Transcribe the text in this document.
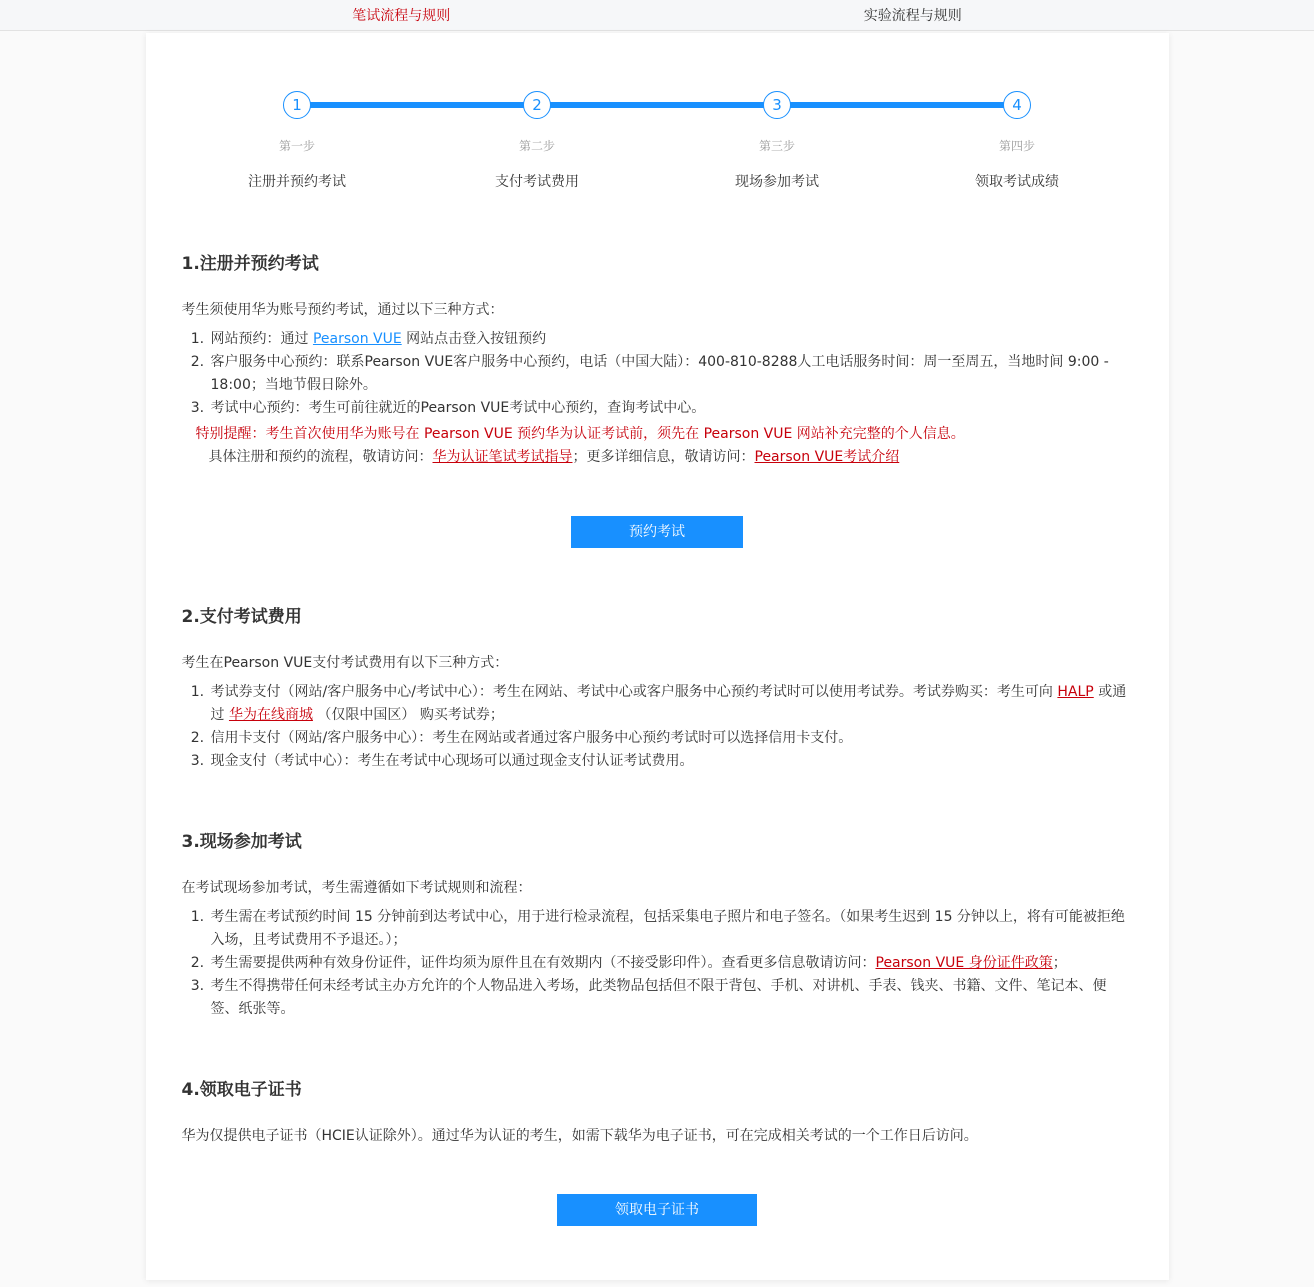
笔试流程与规则	实验流程与规则
1
第一步
注册并预约考试
2
第二步
支付考试费用
3
第三步
现场参加考试
4
第四步
领取考试成绩
1.注册并预约考试

考生须使用华为账号预约考试，通过以下三种方式：

1. 网站预约：通过 Pearson VUE 网站点击登入按钮预约
2. 客户服务中心预约：联系Pearson VUE客户服务中心预约，电话（中国大陆）：400-810-8288人工电话服务时间：周一至周五，当地时间 9:00 - 18:00；当地节假日除外。
3. 考试中心预约：考生可前往就近的Pearson VUE考试中心预约，查询考试中心。
特别提醒：考生首次使用华为账号在 Pearson VUE 预约华为认证考试前，须先在 Pearson VUE 网站补充完整的个人信息。
具体注册和预约的流程，敬请访问：华为认证笔试考试指导；更多详细信息，敬请访问：Pearson VUE考试介绍
预约考试
2.支付考试费用

考生在Pearson VUE支付考试费用有以下三种方式：

1. 考试券支付（网站/客户服务中心/考试中心）：考生在网站、考试中心或客户服务中心预约考试时可以使用考试券。考试券购买：考生可向 HALP 或通过 华为在线商城 （仅限中国区） 购买考试券；
2. 信用卡支付（网站/客户服务中心）：考生在网站或者通过客户服务中心预约考试时可以选择信用卡支付。
3. 现金支付（考试中心）：考生在考试中心现场可以通过现金支付认证考试费用。
3.现场参加考试

在考试现场参加考试，考生需遵循如下考试规则和流程：

1. 考生需在考试预约时间 15 分钟前到达考试中心，用于进行检录流程，包括采集电子照片和电子签名。（如果考生迟到 15 分钟以上，将有可能被拒绝入场，且考试费用不予退还。）；
2. 考生需要提供两种有效身份证件，证件均须为原件且在有效期内（不接受影印件）。查看更多信息敬请访问：Pearson VUE 身份证件政策；
3. 考生不得携带任何未经考试主办方允许的个人物品进入考场，此类物品包括但不限于背包、手机、对讲机、手表、钱夹、书籍、文件、笔记本、便签、纸张等。
4.领取电子证书

华为仅提供电子证书（HCIE认证除外）。通过华为认证的考生，如需下载华为电子证书，可在完成相关考试的一个工作日后访问。

领取电子证书
